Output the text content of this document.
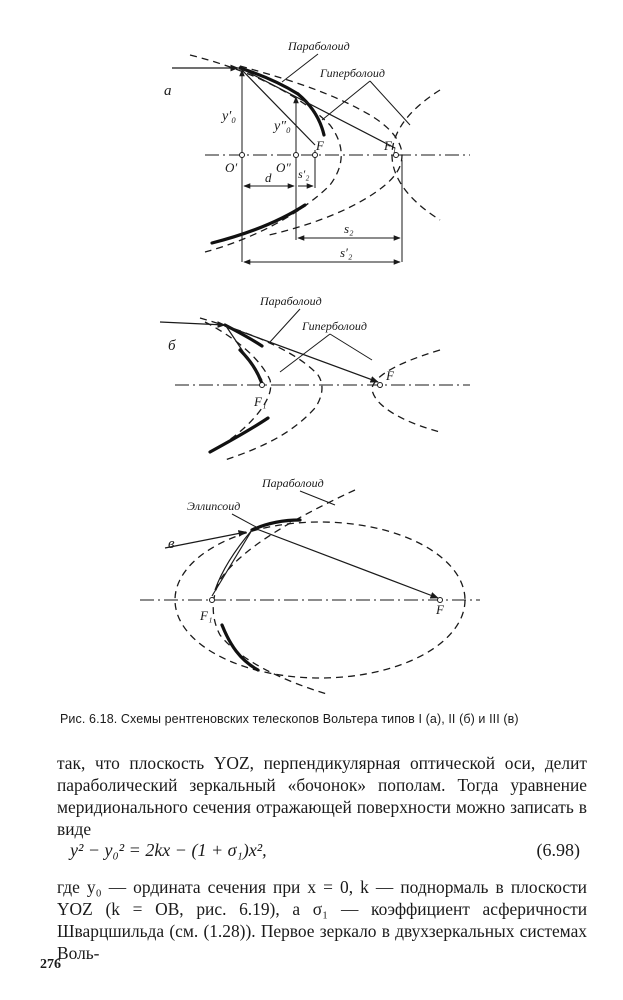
а
Параболоид
Гиперболоид
y′₀
y″₀
O′	O″
F	F₁
d s′₂
s₂
s′₂
б
Параболоид
Гиперболоид
F₁
F
в
Параболоид
Эллипсоид
F₁	F
Рис. 6.18. Схемы рентгеновских телескопов Вольтера типов I (а), II (б) и III (в)
так, что плоскость YOZ, перпендикулярная оптической оси, делит параболический зеркальный «бочонок» пополам. Тогда уравнение меридионального сечения отражающей поверхности можно записать в виде
y² − y₀² = 2kx − (1 + σ₁)x²,	(6.98)
где y₀ — ордината сечения при x = 0, k — поднормаль в плоскости YOZ (k = OB, рис. 6.19), а σ₁ — коэффициент асферичности Шварцшильда (см. (1.28)). Первое зеркало в двухзеркальных системах Воль-
276
